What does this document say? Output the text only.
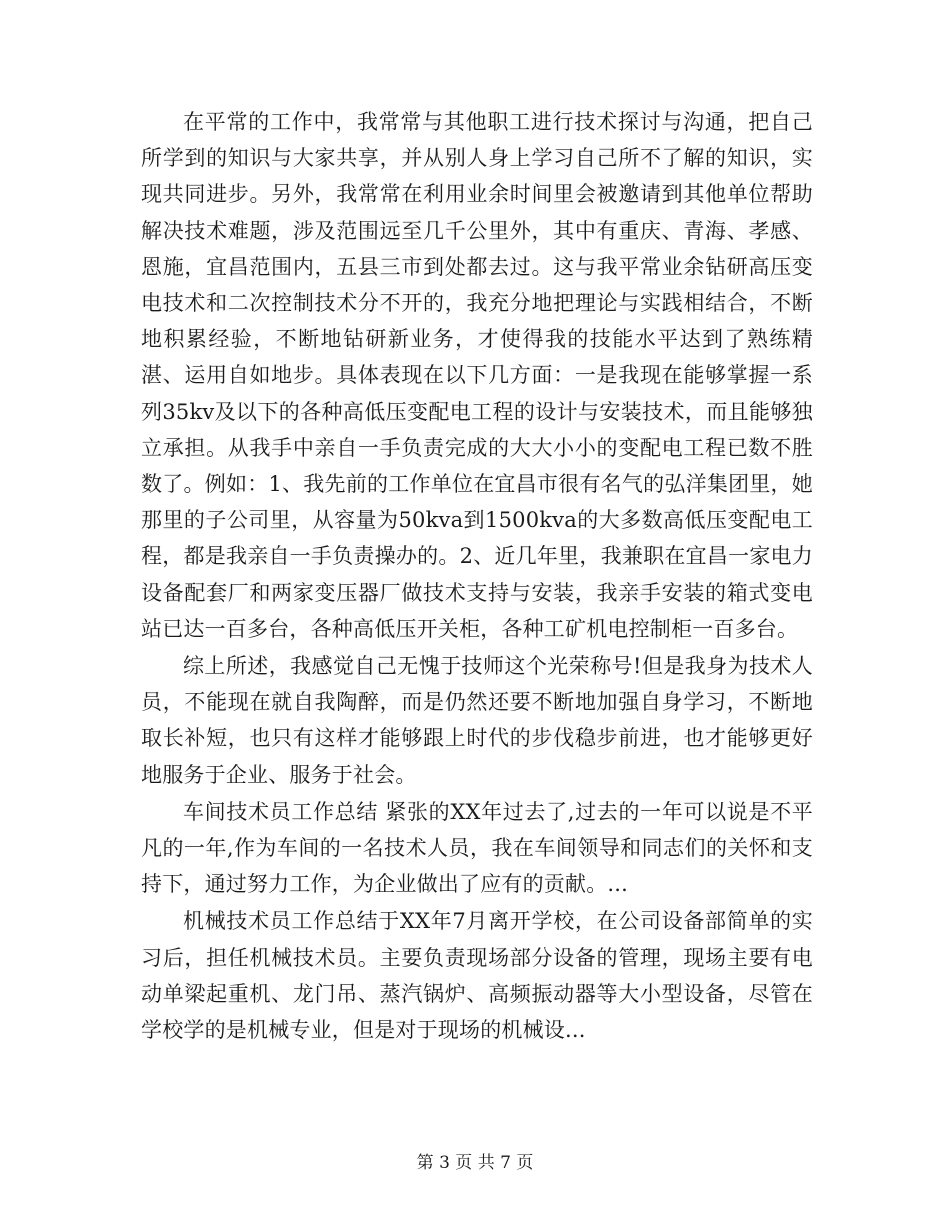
在平常的工作中，我常常与其他职工进行技术探讨与沟通，把自己所学到的知识与大家共享，并从别人身上学习自己所不了解的知识，实现共同进步。另外，我常常在利用业余时间里会被邀请到其他单位帮助解决技术难题，涉及范围远至几千公里外，其中有重庆、青海、孝感、恩施，宜昌范围内，五县三市到处都去过。这与我平常业余钻研高压变电技术和二次控制技术分不开的，我充分地把理论与实践相结合，不断地积累经验，不断地钻研新业务，才使得我的技能水平达到了熟练精湛、运用自如地步。具体表现在以下几方面：一是我现在能够掌握一系列35kv及以下的各种高低压变配电工程的设计与安装技术，而且能够独立承担。从我手中亲自一手负责完成的大大小小的变配电工程已数不胜数了。例如：1、我先前的工作单位在宜昌市很有名气的弘洋集团里，她那里的子公司里，从容量为50kva到1500kva的大多数高低压变配电工程，都是我亲自一手负责操办的。2、近几年里，我兼职在宜昌一家电力设备配套厂和两家变压器厂做技术支持与安装，我亲手安装的箱式变电站已达一百多台，各种高低压开关柜，各种工矿机电控制柜一百多台。

综上所述，我感觉自己无愧于技师这个光荣称号!但是我身为技术人员，不能现在就自我陶醉，而是仍然还要不断地加强自身学习，不断地取长补短，也只有这样才能够跟上时代的步伐稳步前进，也才能够更好地服务于企业、服务于社会。

车间技术员工作总结 紧张的XX年过去了,过去的一年可以说是不平凡的一年,作为车间的一名技术人员，我在车间领导和同志们的关怀和支持下，通过努力工作，为企业做出了应有的贡献。...

机械技术员工作总结于XX年7月离开学校，在公司设备部简单的实习后，担任机械技术员。主要负责现场部分设备的管理，现场主要有电动单梁起重机、龙门吊、蒸汽锅炉、高频振动器等大小型设备，尽管在学校学的是机械专业，但是对于现场的机械设...

第 3 页 共 7 页
